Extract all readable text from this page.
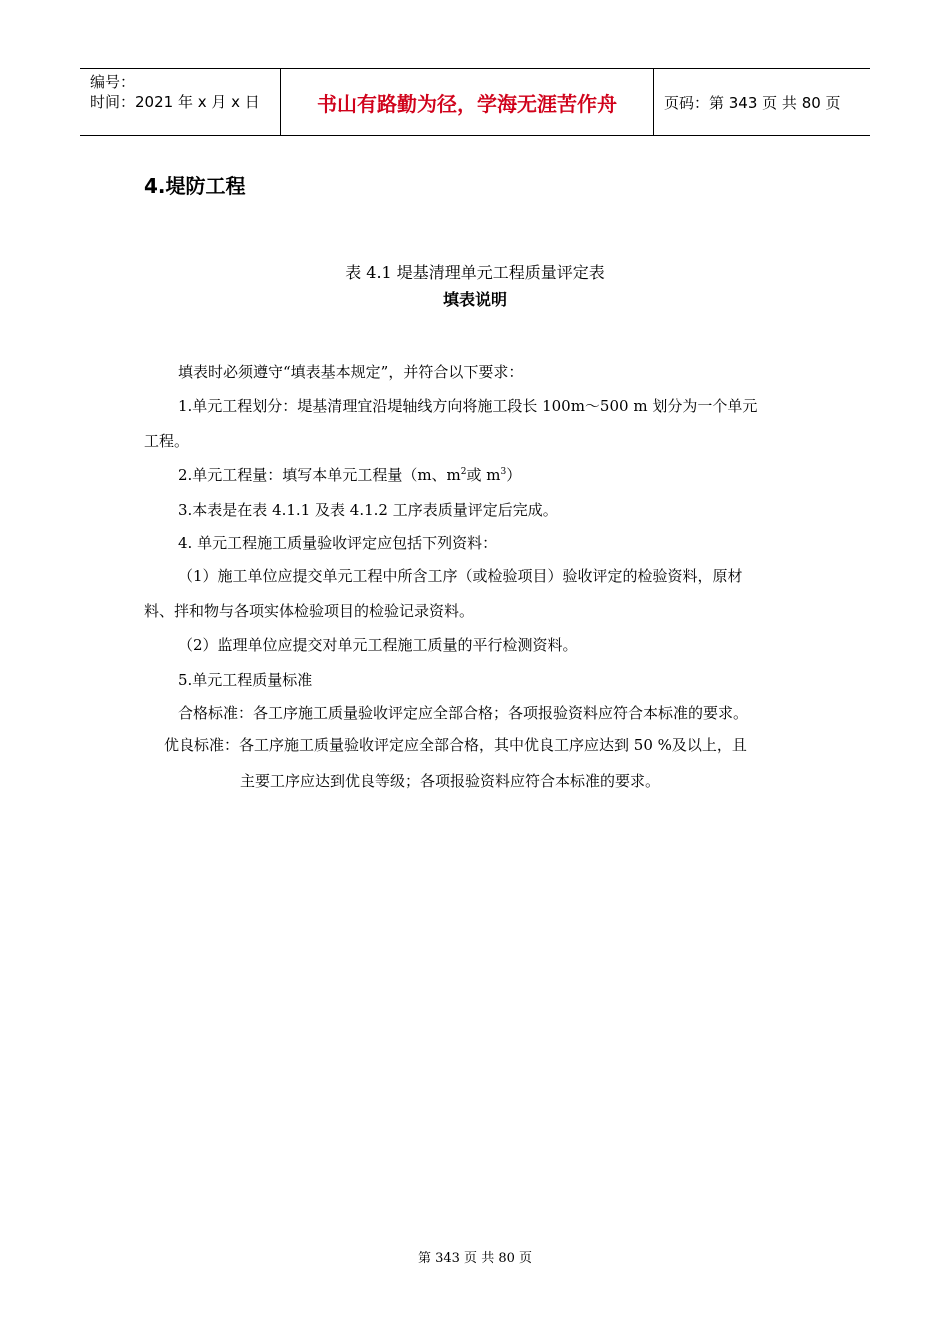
编号：
时间：2021 年 x 月 x 日	书山有路勤为径，学海无涯苦作舟	页码：第 343 页 共 80 页
4.堤防工程
表 4.1 堤基清理单元工程质量评定表
填表说明
填表时必须遵守“填表基本规定”，并符合以下要求：
1.单元工程划分：堤基清理宜沿堤轴线方向将施工段长 100m～500 m 划分为一个单元
工程。
2.单元工程量：填写本单元工程量（m、$m^2$或 $m^3$）
3.本表是在表 4.1.1 及表 4.1.2 工序表质量评定后完成。
4. 单元工程施工质量验收评定应包括下列资料：
（1）施工单位应提交单元工程中所含工序（或检验项目）验收评定的检验资料，原材
料、拌和物与各项实体检验项目的检验记录资料。
（2）监理单位应提交对单元工程施工质量的平行检测资料。
5.单元工程质量标准
合格标准：各工序施工质量验收评定应全部合格；各项报验资料应符合本标准的要求。
优良标准：各工序施工质量验收评定应全部合格，其中优良工序应达到 50 %及以上，且
主要工序应达到优良等级；各项报验资料应符合本标准的要求。
第 343 页 共 80 页
